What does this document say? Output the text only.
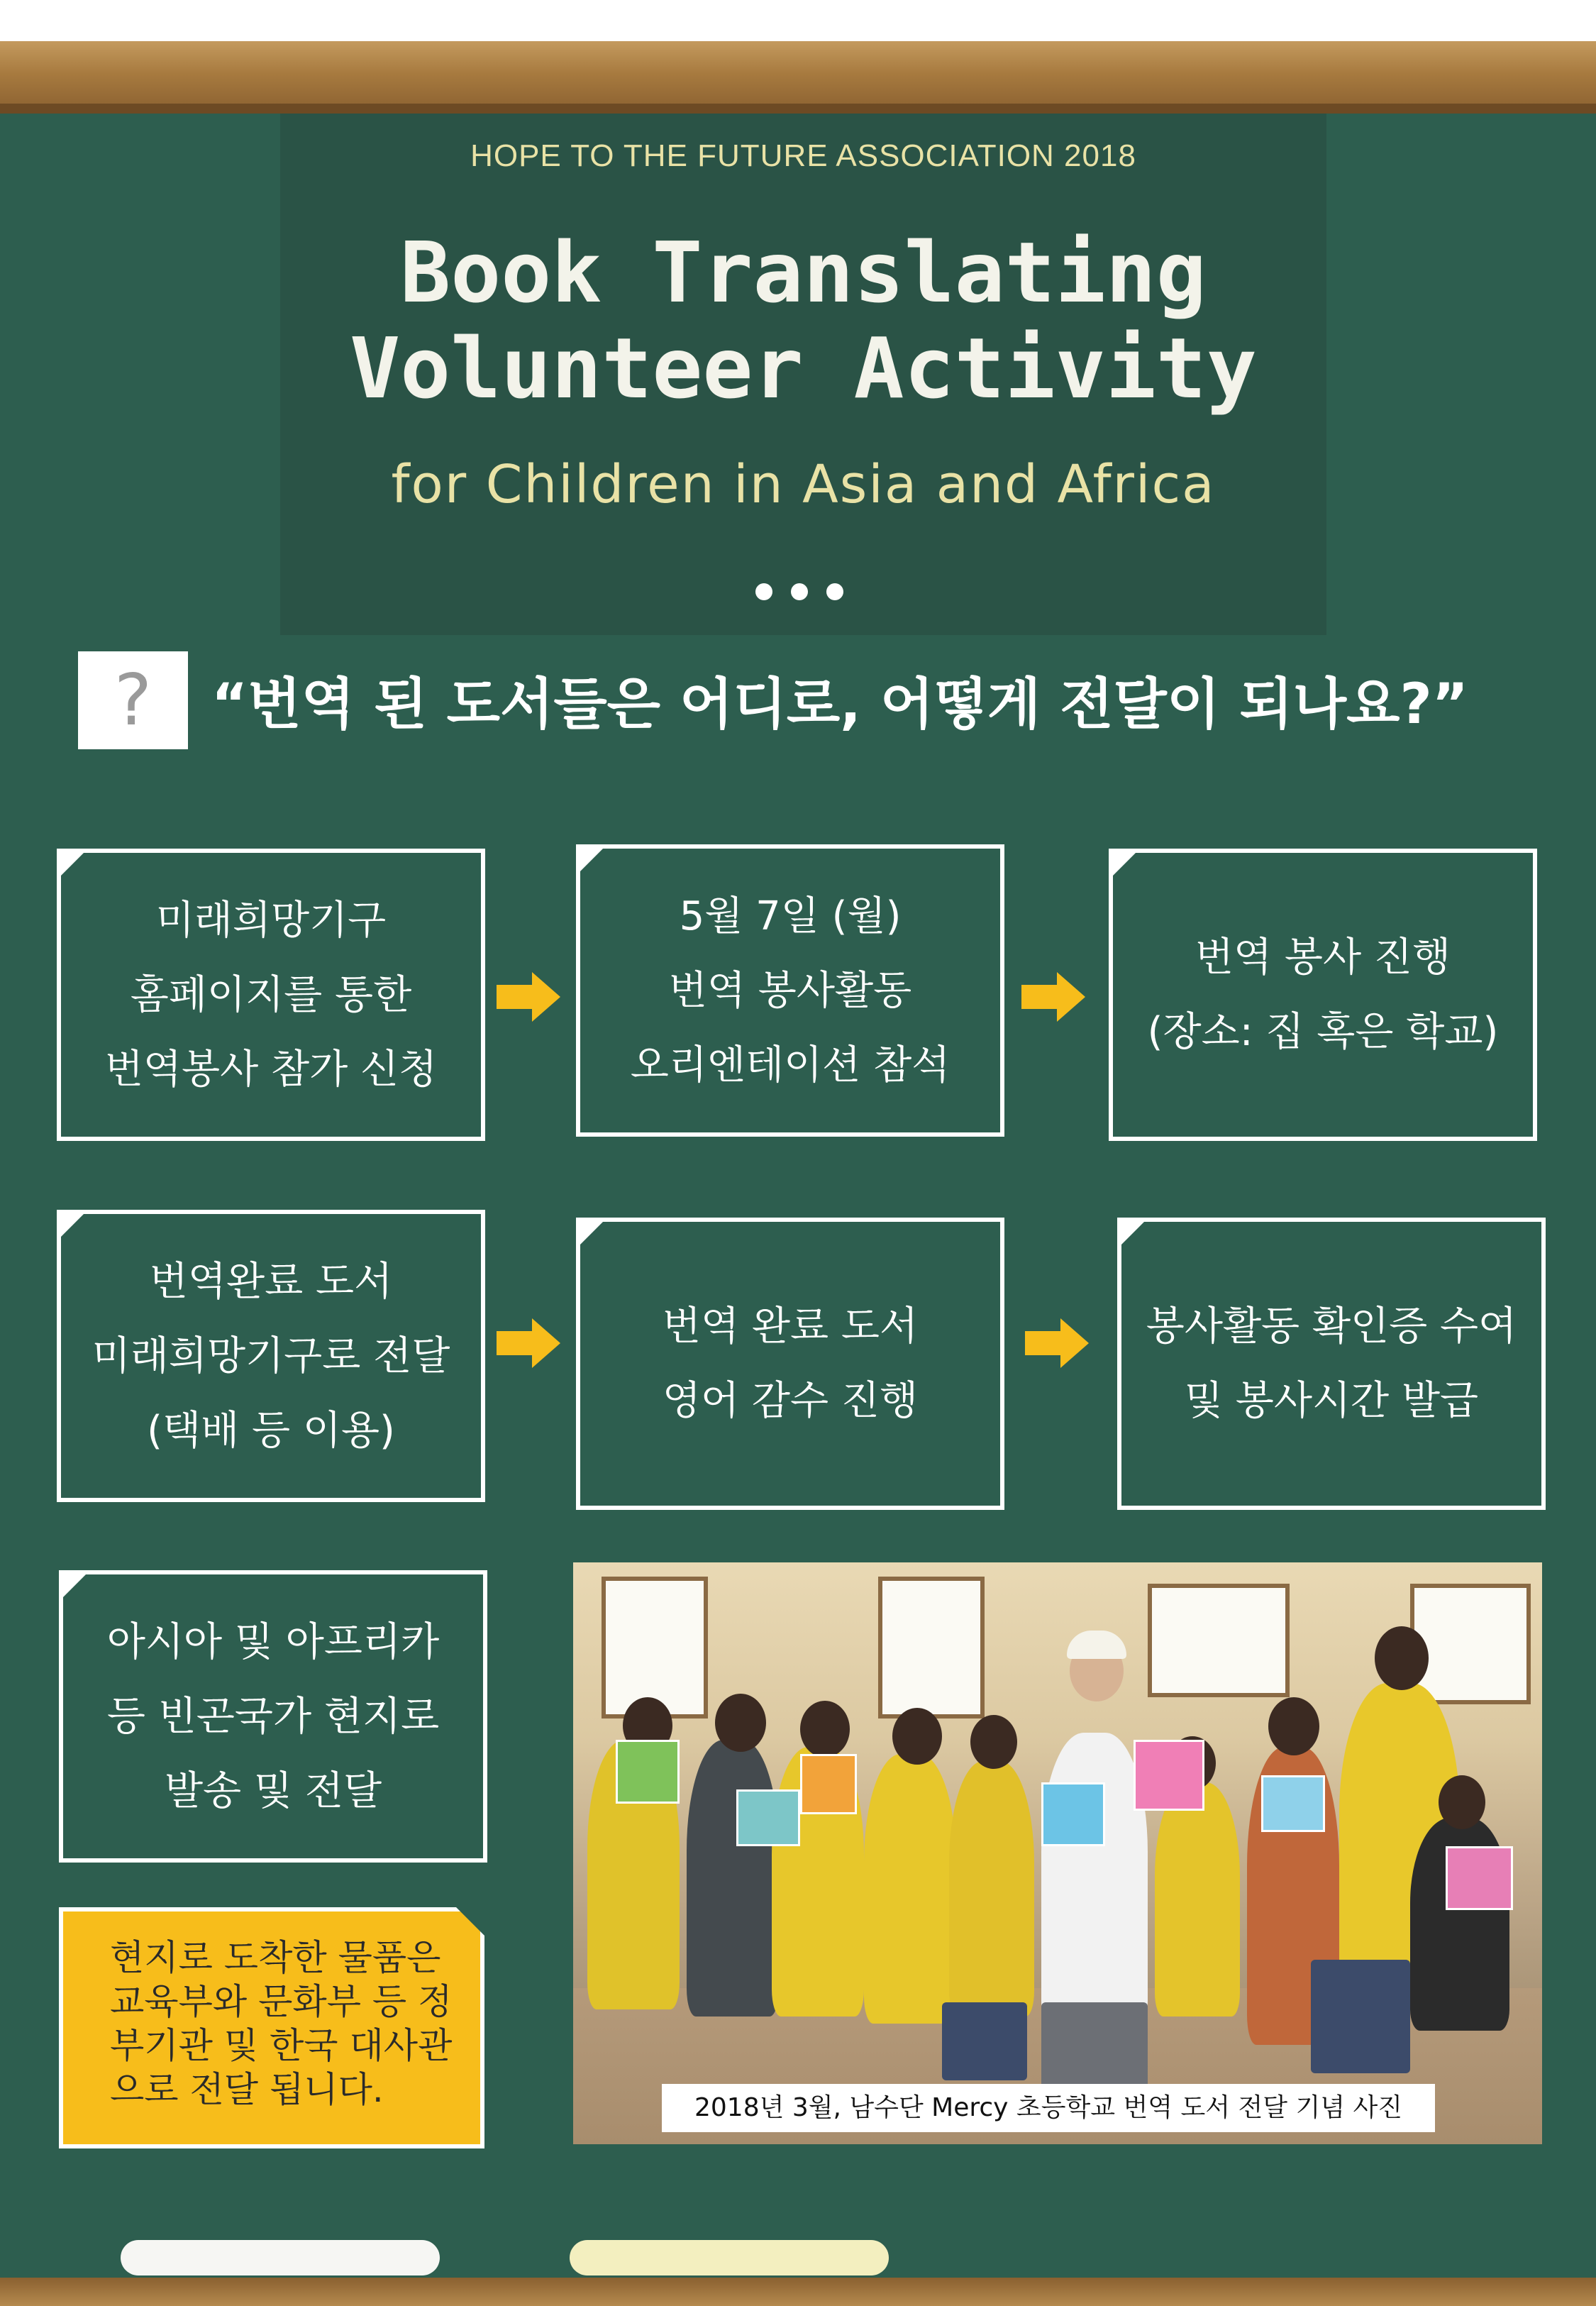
HOPE TO THE FUTURE ASSOCIATION 2018
Book Translating
Volunteer Activity
for Children in Asia and Africa
? “번역 된 도서들은 어디로, 어떻게 전달이 되나요?”
미래희망기구
홈페이지를 통한
번역봉사 참가 신청
5월 7일 (월)
번역 봉사활동
오리엔테이션 참석
번역 봉사 진행
(장소: 집 혹은 학교)
번역완료 도서
미래희망기구로 전달
(택배 등 이용)
번역 완료 도서
영어 감수 진행
봉사활동 확인증 수여
및 봉사시간 발급
아시아 및 아프리카
등 빈곤국가 현지로
발송 및 전달
현지로 도착한 물품은
교육부와 문화부 등 정
부기관 및 한국 대사관
으로 전달 됩니다.	2018년 3월, 남수단 Mercy 초등학교 번역 도서 전달 기념 사진
